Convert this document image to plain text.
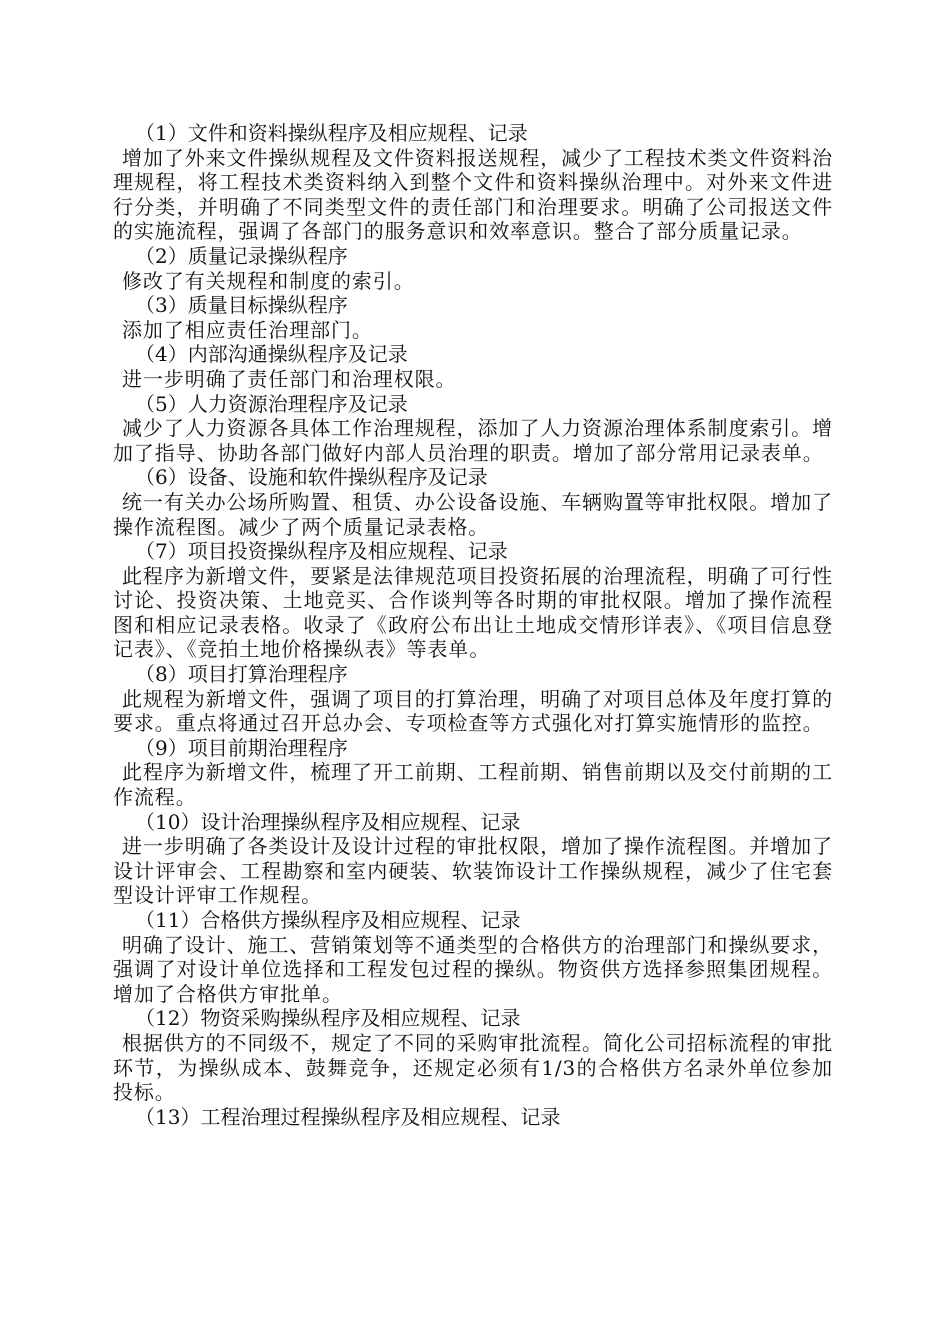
（1）文件和资料操纵程序及相应规程、记录
增加了外来文件操纵规程及文件资料报送规程，减少了工程技术类文件资料治理规程，将工程技术类资料纳入到整个文件和资料操纵治理中。对外来文件进行分类，并明确了不同类型文件的责任部门和治理要求。明确了公司报送文件的实施流程，强调了各部门的服务意识和效率意识。整合了部分质量记录。
（2）质量记录操纵程序
修改了有关规程和制度的索引。
（3）质量目标操纵程序
添加了相应责任治理部门。
（4）内部沟通操纵程序及记录
进一步明确了责任部门和治理权限。
（5）人力资源治理程序及记录
减少了人力资源各具体工作治理规程，添加了人力资源治理体系制度索引。增加了指导、协助各部门做好内部人员治理的职责。增加了部分常用记录表单。
（6）设备、设施和软件操纵程序及记录
统一有关办公场所购置、租赁、办公设备设施、车辆购置等审批权限。增加了操作流程图。减少了两个质量记录表格。
（7）项目投资操纵程序及相应规程、记录
此程序为新增文件，要紧是法律规范项目投资拓展的治理流程，明确了可行性讨论、投资决策、土地竞买、合作谈判等各时期的审批权限。增加了操作流程图和相应记录表格。收录了《政府公布出让土地成交情形详表》、《项目信息登记表》、《竞拍土地价格操纵表》等表单。
（8）项目打算治理程序
此规程为新增文件，强调了项目的打算治理，明确了对项目总体及年度打算的要求。重点将通过召开总办会、专项检查等方式强化对打算实施情形的监控。
（9）项目前期治理程序
此程序为新增文件，梳理了开工前期、工程前期、销售前期以及交付前期的工作流程。
（10）设计治理操纵程序及相应规程、记录
进一步明确了各类设计及设计过程的审批权限，增加了操作流程图。并增加了设计评审会、工程勘察和室内硬装、软装饰设计工作操纵规程，减少了住宅套型设计评审工作规程。
（11）合格供方操纵程序及相应规程、记录
明确了设计、施工、营销策划等不通类型的合格供方的治理部门和操纵要求，强调了对设计单位选择和工程发包过程的操纵。物资供方选择参照集团规程。增加了合格供方审批单。
（12）物资采购操纵程序及相应规程、记录
根据供方的不同级不，规定了不同的采购审批流程。简化公司招标流程的审批环节，为操纵成本、鼓舞竞争，还规定必须有1/3的合格供方名录外单位参加投标。
（13）工程治理过程操纵程序及相应规程、记录
